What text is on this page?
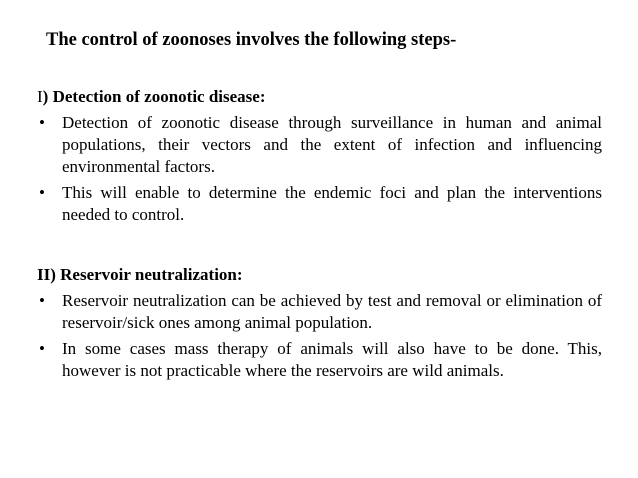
The control of zoonoses involves the following steps-
I) Detection of zoonotic disease:
• Detection of zoonotic disease through surveillance in human and animal populations, their vectors and the extent of infection and influencing environmental factors.
• This will enable to determine the endemic foci and plan the interventions needed to control.
II) Reservoir neutralization:
• Reservoir neutralization can be achieved by test and removal or elimination of reservoir/sick ones among animal population.
• In some cases mass therapy of animals will also have to be done. This, however is not practicable where the reservoirs are wild animals.
